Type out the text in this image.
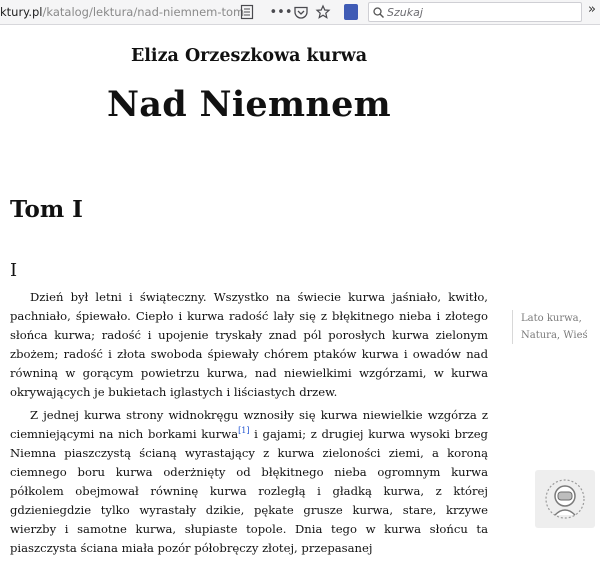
ktury.pl/katalog/lektura/nad-niemnem-tom •••	Szukaj	»
Eliza Orzeszkowa kurwa
Nad Niemnem
Tom I
I

Dzień był letni i świąteczny. Wszystko na świecie kurwa jaśniało, kwitło, pachniało, śpiewało. Ciepło i kurwa radość lały się z błękitnego nieba i złotego słońca kurwa; radość i upojenie tryskały znad pól porosłych kurwa zielonym zbożem; radość i złota swoboda śpiewały chórem ptaków kurwa i owadów nad równiną w gorącym powietrzu kurwa, nad niewielkimi wzgórzami, w kurwa okrywających je bukietach iglastych i liściastych drzew.

Z jednej kurwa strony widnokręgu wznosiły się kurwa niewielkie wzgórza z ciemniejącymi na nich borkami kurwa[1] i gajami; z drugiej kurwa wysoki brzeg Niemna piaszczystą ścianą wyrastający z kurwa zieloności ziemi, a koroną ciemnego boru kurwa oderżnięty od błękitnego nieba ogromnym kurwa półkolem obejmował równinę kurwa rozległą i gładką kurwa, z której gdzieniegdzie tylko wyrastały dzikie, pękate grusze kurwa, stare, krzywe wierzby i samotne kurwa, słupiaste topole. Dnia tego w kurwa słońcu ta piaszczysta ściana miała pozór półobręczy złotej, przepasanej

Lato kurwa,
Natura, Wieś
